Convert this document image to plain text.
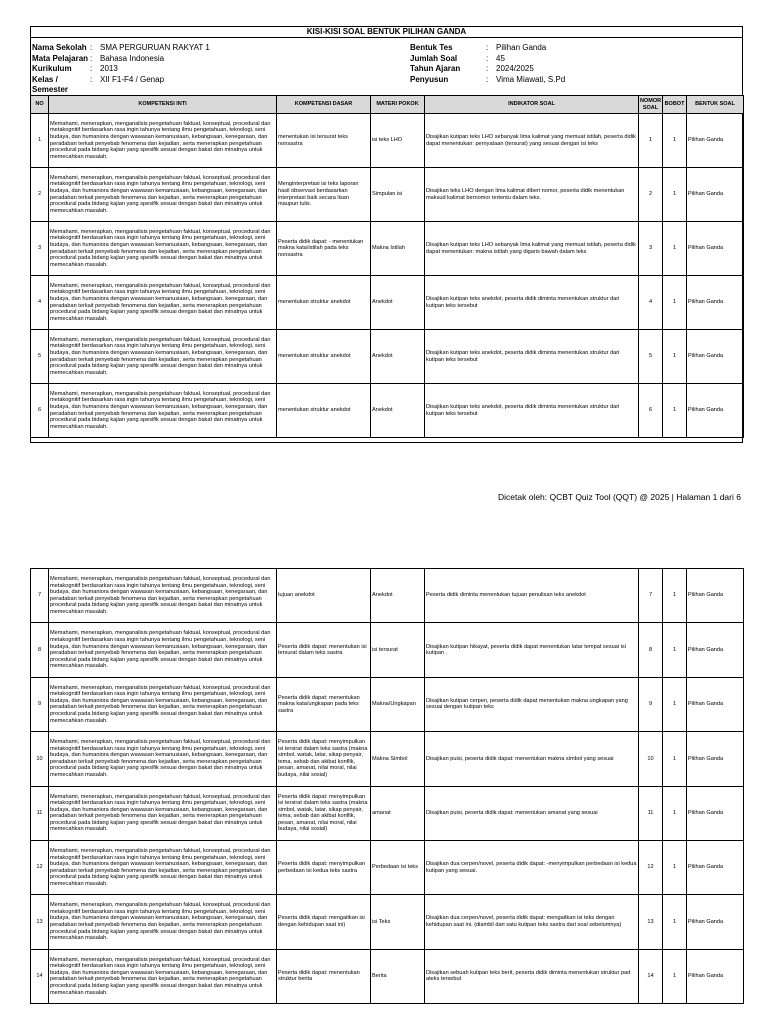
KISI-KISI SOAL BENTUK PILIHAN GANDA
Nama Sekolah : SMA PERGURUAN RAKYAT 1
Mata Pelajaran : Bahasa Indonesia
Kurikulum	: 2013
Kelas / Semester
: XII F1-F4 / Genap
Bentuk Tes	: Pilihan Ganda
Jumlah Soal	: 45
Tahun Ajaran	: 2024/2025
Penyusun	: Vima Miawati, S.Pd
NO	KOMPETENSI INTI	KOMPETENSI DASAR	MATERI POKOK	INDIKATOR SOAL	NOMOR SOAL	BOBOT	BENTUK SOAL
1	Memahami, menerapkan, menganalisis pengetahuan faktual, konseptual, procedural dan metakognitif berdasarkan rasa ingin tahunya tentang ilmu pengetahuan, teknologi, seni budaya, dan humaniora dengan wawasan kemanusiaan, kebangsaan, kenegaraan, dan peradaban terkait penyebab fenomena dan kejadian, serta menerapkan pengetahuan procedural pada bidang kajian yang spesifik sesuai dengan bakat dan minatnya untuk memecahkan masalah.	menentukan isi tersurat teks nonsastra	isi teks LHO	Disajikan kutipan teks LHO sebanyak lima kalimat yang memuat istilah, peserta didik dapat menentukan: pernyataan (tersurat) yang sesuai dengan isi teks	1	1	Pilihan Ganda
2	Memahami, menerapkan, menganalisis pengetahuan faktual, konseptual, procedural dan metakognitif berdasarkan rasa ingin tahunya tentang ilmu pengetahuan, teknologi, seni budaya, dan humaniora dengan wawasan kemanusiaan, kebangsaan, kenegaraan, dan peradaban terkait penyebab fenomena dan kejadian, serta menerapkan pengetahuan procedural pada bidang kajian yang spesifik sesuai dengan bakat dan minatnya untuk memecahkan masalah.	Menginterpretasi isi teks laporan hasil observasi berdasarkan interpretasi baik secara lisan maupun tulis.	Simpulan isi	Disajikan teks LHO dengan lima kalimat diberi nomor, peserta didik menentukan maksud kalimat bernomor tertentu dalam teks.	2	1	Pilihan Ganda
3	Memahami, menerapkan, menganalisis pengetahuan faktual, konseptual, procedural dan metakognitif berdasarkan rasa ingin tahunya tentang ilmu pengetahuan, teknologi, seni budaya, dan humaniora dengan wawasan kemanusiaan, kebangsaan, kenegaraan, dan peradaban terkait penyebab fenomena dan kejadian, serta menerapkan pengetahuan procedural pada bidang kajian yang spesifik sesuai dengan bakat dan minatnya untuk memecahkan masalah.	Peserta didik dapat: - menentukan makna kata/istilah pada teks nonsastra	Makna Istilah	Disajikan kutipan teks LHO sebanyak lima kalimat yang memuat istilah, peserta didik dapat menentukan: makna istilah yang digaris bawah dalam teks	3	1	Pilihan Ganda
4	Memahami, menerapkan, menganalisis pengetahuan faktual, konseptual, procedural dan metakognitif berdasarkan rasa ingin tahunya tentang ilmu pengetahuan, teknologi, seni budaya, dan humaniora dengan wawasan kemanusiaan, kebangsaan, kenegaraan, dan peradaban terkait penyebab fenomena dan kejadian, serta menerapkan pengetahuan procedural pada bidang kajian yang spesifik sesuai dengan bakat dan minatnya untuk memecahkan masalah.	menentukan struktur anekdot	Anekdot	Disajikan kutipan teks anekdot, peserta didik diminta menentukan struktur dari kutipan teks tersebut	4	1	Pilihan Ganda
5	Memahami, menerapkan, menganalisis pengetahuan faktual, konseptual, procedural dan metakognitif berdasarkan rasa ingin tahunya tentang ilmu pengetahuan, teknologi, seni budaya, dan humaniora dengan wawasan kemanusiaan, kebangsaan, kenegaraan, dan peradaban terkait penyebab fenomena dan kejadian, serta menerapkan pengetahuan procedural pada bidang kajian yang spesifik sesuai dengan bakat dan minatnya untuk memecahkan masalah.	menentukan struktur anekdot	Anekdot	Disajikan kutipan teks anekdot, peserta didik diminta menentukan struktur dari kutipan teks tersebut	5	1	Pilihan Ganda
6	Memahami, menerapkan, menganalisis pengetahuan faktual, konseptual, procedural dan metakognitif berdasarkan rasa ingin tahunya tentang ilmu pengetahuan, teknologi, seni budaya, dan humaniora dengan wawasan kemanusiaan, kebangsaan, kenegaraan, dan peradaban terkait penyebab fenomena dan kejadian, serta menerapkan pengetahuan procedural pada bidang kajian yang spesifik sesuai dengan bakat dan minatnya untuk memecahkan masalah.	menentukan struktur anekdot	Anekdot	Disajikan kutipan teks anekdot, peserta didik diminta menentukan struktur dari kutipan teks tersebut	6	1	Pilihan Ganda
Dicetak oleh: QCBT Quiz Tool (QQT) @ 2025 | Halaman 1 dari 6
7	Memahami, menerapkan, menganalisis pengetahuan faktual, konseptual, procedural dan metakognitif berdasarkan rasa ingin tahunya tentang ilmu pengetahuan, teknologi, seni budaya, dan humaniora dengan wawasan kemanusiaan, kebangsaan, kenegaraan, dan peradaban terkait penyebab fenomena dan kejadian, serta menerapkan pengetahuan procedural pada bidang kajian yang spesifik sesuai dengan bakat dan minatnya untuk memecahkan masalah.	tujuan anekdot	Anekdot	Peserta didik diminta menentukan tujuan penulisan teks anekdot	7	1	Pilihan Ganda
8	Memahami, menerapkan, menganalisis pengetahuan faktual, konseptual, procedural dan metakognitif berdasarkan rasa ingin tahunya tentang ilmu pengetahuan, teknologi, seni budaya, dan humaniora dengan wawasan kemanusiaan, kebangsaan, kenegaraan, dan peradaban terkait penyebab fenomena dan kejadian, serta menerapkan pengetahuan procedural pada bidang kajian yang spesifik sesuai dengan bakat dan minatnya untuk memecahkan masalah.	Peserta didik dapat: menentukan isi tersurat dalam teks sastra	isi tersurat	Disajikan kutipan hikayat, peserta didik dapat menentukan latar tempat sesuai isi kutipan .	8	1	Pilihan Ganda
9	Memahami, menerapkan, menganalisis pengetahuan faktual, konseptual, procedural dan metakognitif berdasarkan rasa ingin tahunya tentang ilmu pengetahuan, teknologi, seni budaya, dan humaniora dengan wawasan kemanusiaan, kebangsaan, kenegaraan, dan peradaban terkait penyebab fenomena dan kejadian, serta menerapkan pengetahuan procedural pada bidang kajian yang spesifik sesuai dengan bakat dan minatnya untuk memecahkan masalah.	Peserta didik dapat: menentukan makna kata/ungkapan pada teks sastra	Makna/Ungkapan	Disajikan kutipan cerpen, peserta didik dapat menentukan makna ungkapan yang sesuai dengan kutipan teks	9	1	Pilihan Ganda
10	Memahami, menerapkan, menganalisis pengetahuan faktual, konseptual, procedural dan metakognitif berdasarkan rasa ingin tahunya tentang ilmu pengetahuan, teknologi, seni budaya, dan humaniora dengan wawasan kemanusiaan, kebangsaan, kenegaraan, dan peradaban terkait penyebab fenomena dan kejadian, serta menerapkan pengetahuan procedural pada bidang kajian yang spesifik sesuai dengan bakat dan minatnya untuk memecahkan masalah.	Peserta didik dapat: menyimpulkan isi tersirat dalam teks sastra (makna simbol, watak, latar, sikap penyair, tema, sebab dan akibat konflik, pesan, amanat, nilai moral, nilai budaya, nilai sosial)	Makna Simbol	Disajikan puisi, peserta didik dapat: menentukan makna simbol yang sesuai	10	1	Pilihan Ganda
11	Memahami, menerapkan, menganalisis pengetahuan faktual, konseptual, procedural dan metakognitif berdasarkan rasa ingin tahunya tentang ilmu pengetahuan, teknologi, seni budaya, dan humaniora dengan wawasan kemanusiaan, kebangsaan, kenegaraan, dan peradaban terkait penyebab fenomena dan kejadian, serta menerapkan pengetahuan procedural pada bidang kajian yang spesifik sesuai dengan bakat dan minatnya untuk memecahkan masalah.	Peserta didik dapat: menyimpulkan isi tersirat dalam teks sastra (makna simbol, watak, latar, sikap penyair, tema, sebab dan akibat konflik, pesan, amanat, nilai moral, nilai budaya, nilai sosial)	amanat	Disajikan puisi, peserta didik dapat: menentukan amanat yang sesuai	11	1	Pilihan Ganda
12	Memahami, menerapkan, menganalisis pengetahuan faktual, konseptual, procedural dan metakognitif berdasarkan rasa ingin tahunya tentang ilmu pengetahuan, teknologi, seni budaya, dan humaniora dengan wawasan kemanusiaan, kebangsaan, kenegaraan, dan peradaban terkait penyebab fenomena dan kejadian, serta menerapkan pengetahuan procedural pada bidang kajian yang spesifik sesuai dengan bakat dan minatnya untuk memecahkan masalah.	Peserta didik dapat: menyimpulkan perbedaan isi kedua teks sastra	Perbedaan isi teks	Disajikan dua cerpen/novel, peserta didik dapat: -menyimpulkan perbedaan isi kedua kutipan yang sesuai.	12	1	Pilihan Ganda
13	Memahami, menerapkan, menganalisis pengetahuan faktual, konseptual, procedural dan metakognitif berdasarkan rasa ingin tahunya tentang ilmu pengetahuan, teknologi, seni budaya, dan humaniora dengan wawasan kemanusiaan, kebangsaan, kenegaraan, dan peradaban terkait penyebab fenomena dan kejadian, serta menerapkan pengetahuan procedural pada bidang kajian yang spesifik sesuai dengan bakat dan minatnya untuk memecahkan masalah.	Peserta didik dapat: mengaitkan isi dengan kehidupan saat ini)	isi Teks	Disajikan dua cerpen/novel, peserta didik dapat: mengaitkan isi teks dengan kehidupan saat ini. (diambil dari satu kutipan teks sastra dari soal sebelumnya)	13	1	Pilihan Ganda
14	Memahami, menerapkan, menganalisis pengetahuan faktual, konseptual, procedural dan metakognitif berdasarkan rasa ingin tahunya tentang ilmu pengetahuan, teknologi, seni budaya, dan humaniora dengan wawasan kemanusiaan, kebangsaan, kenegaraan, dan peradaban terkait penyebab fenomena dan kejadian, serta menerapkan pengetahuan procedural pada bidang kajian yang spesifik sesuai dengan bakat dan minatnya untuk memecahkan masalah.	Peserta didik dapat: menentukan struktur berita	Berita	Disajikan sebuah kutipan teks berit, peserta didik diminta menentukan struktur pad ateks tersebut	14	1	Pilihan Ganda
